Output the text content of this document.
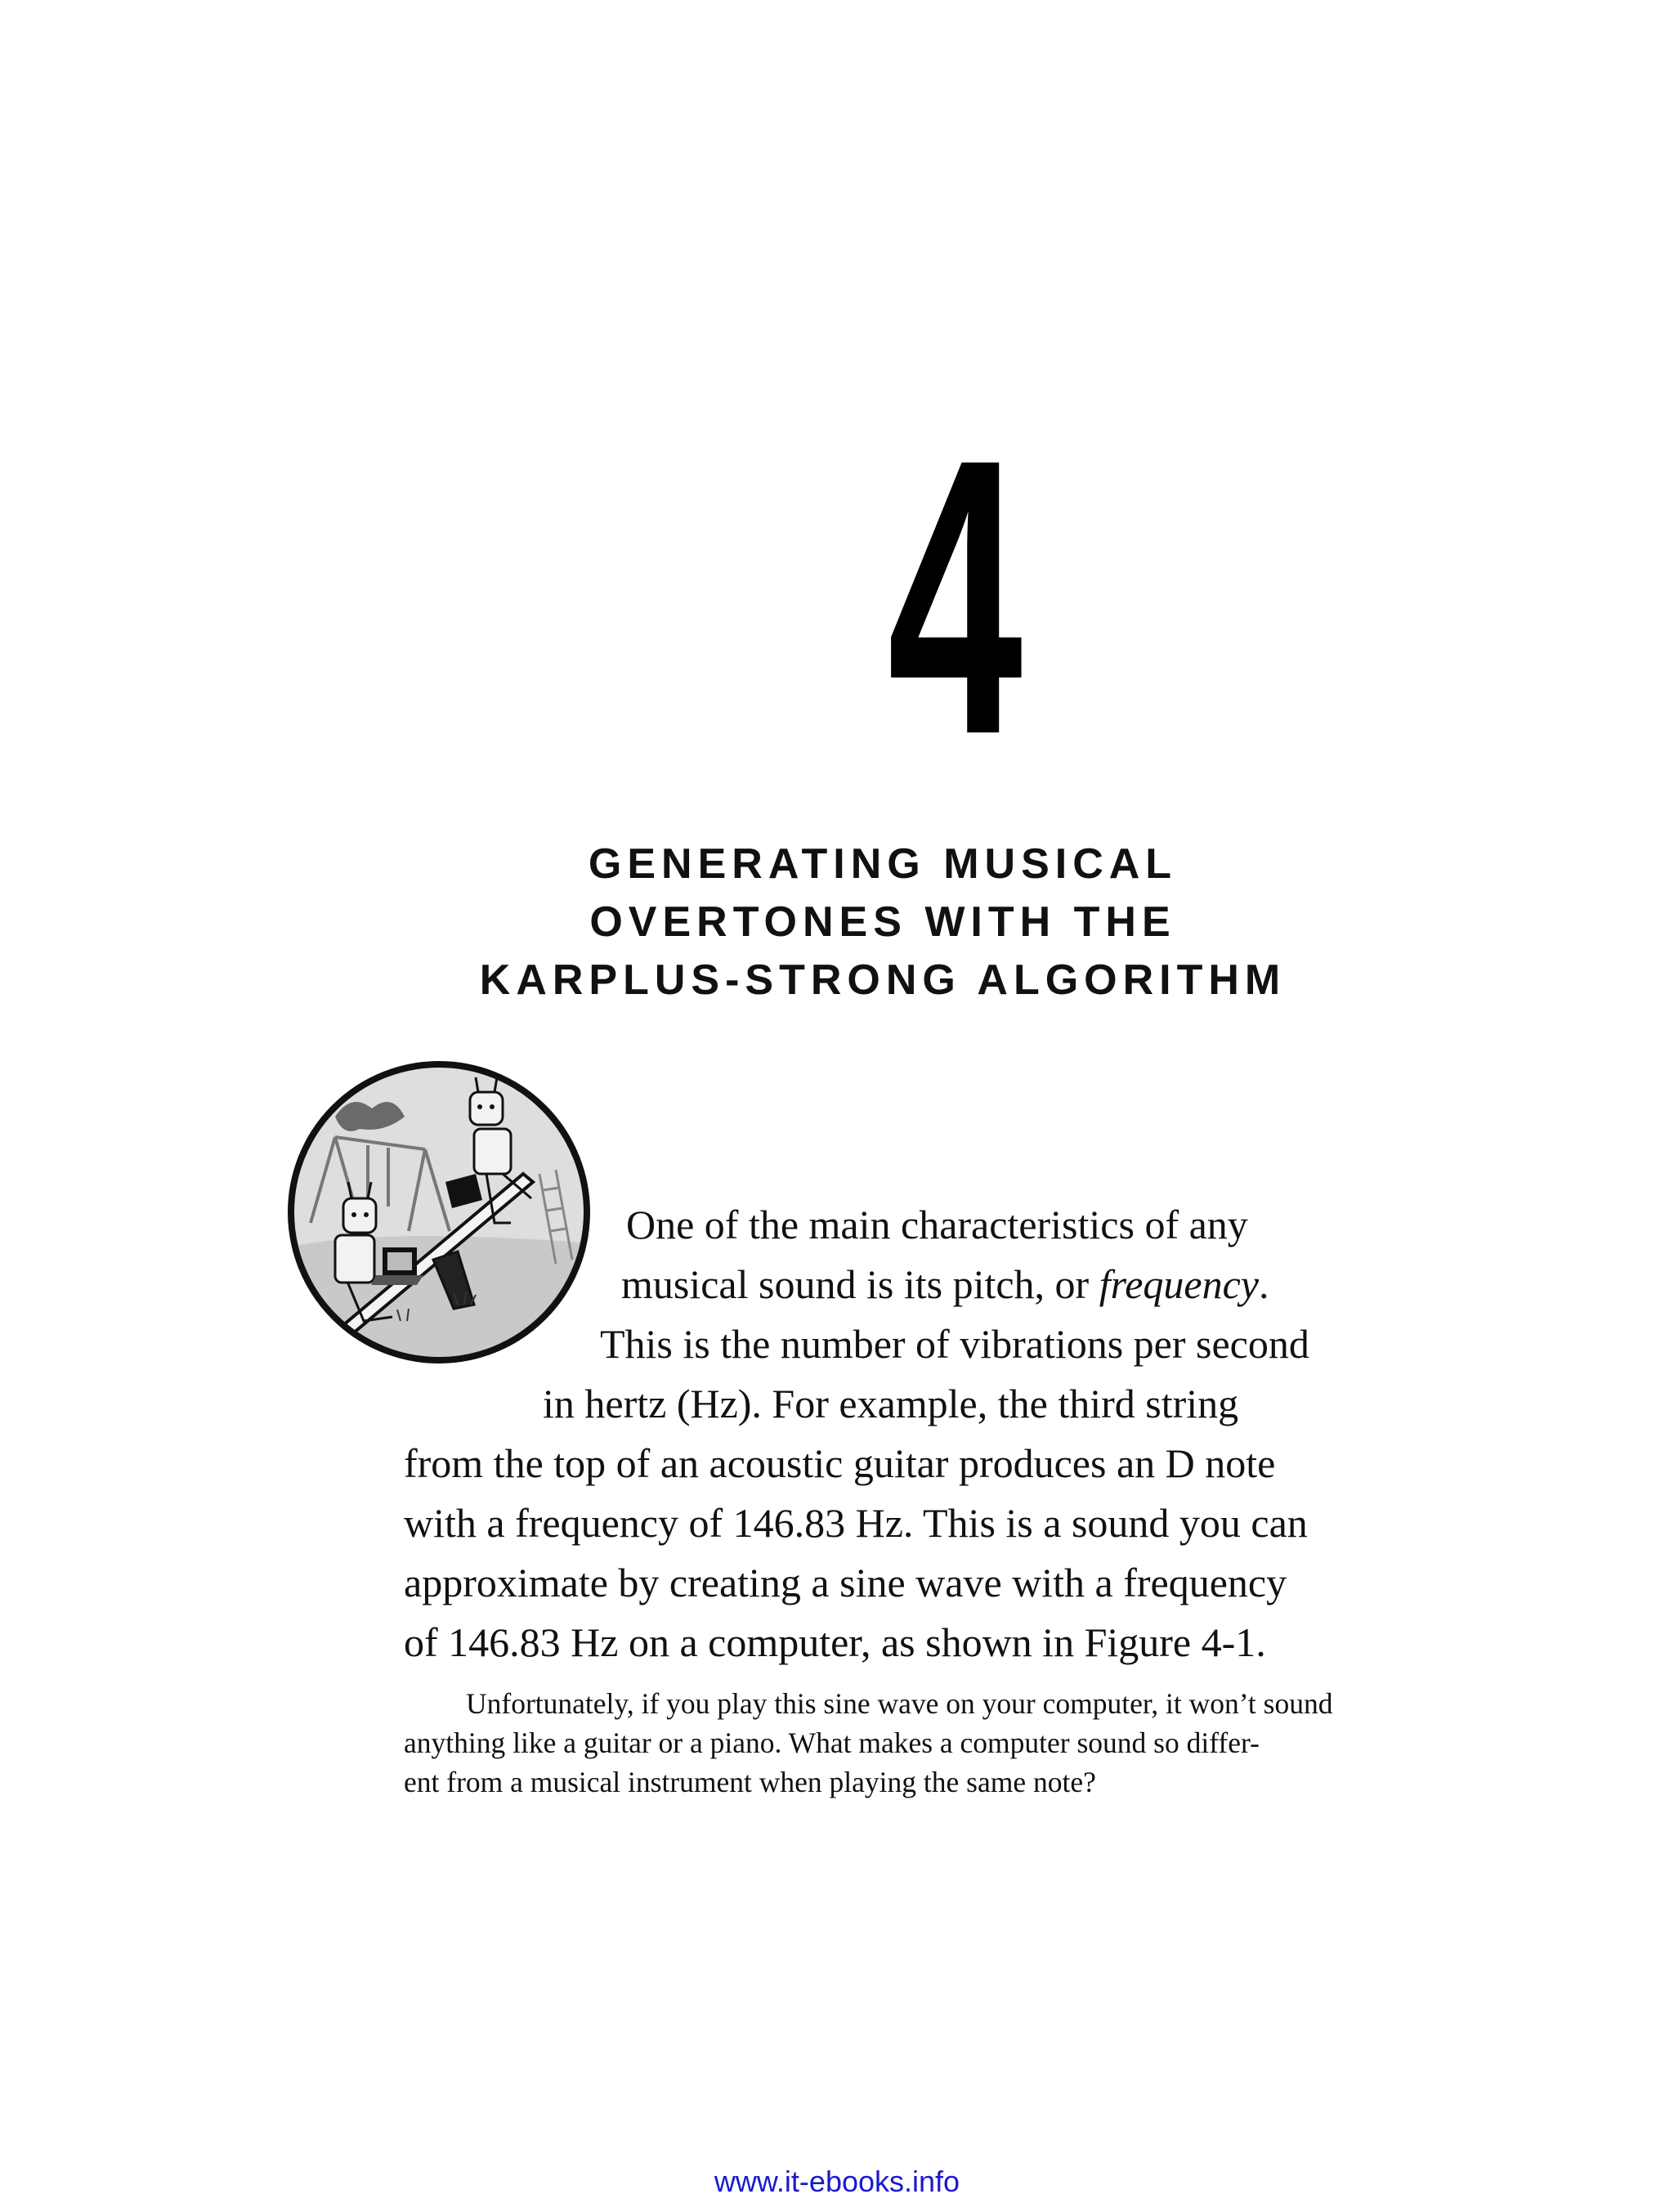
4
GENERATING MUSICAL
OVERTONES WITH THE
KARPLUS-STRONG ALGORITHM
One of the main characteristics of any
musical sound is its pitch, or frequency.
This is the number of vibrations per second
in hertz (Hz). For example, the third string
from the top of an acoustic guitar produces an D note
with a frequency of 146.83 Hz. This is a sound you can
approximate by creating a sine wave with a frequency
of 146.83 Hz on a computer, as shown in Figure 4-1.
Unfortunately, if you play this sine wave on your computer, it won’t sound
anything like a guitar or a piano. What makes a computer sound so differ-
ent from a musical instrument when playing the same note?
www.it-ebooks.info
